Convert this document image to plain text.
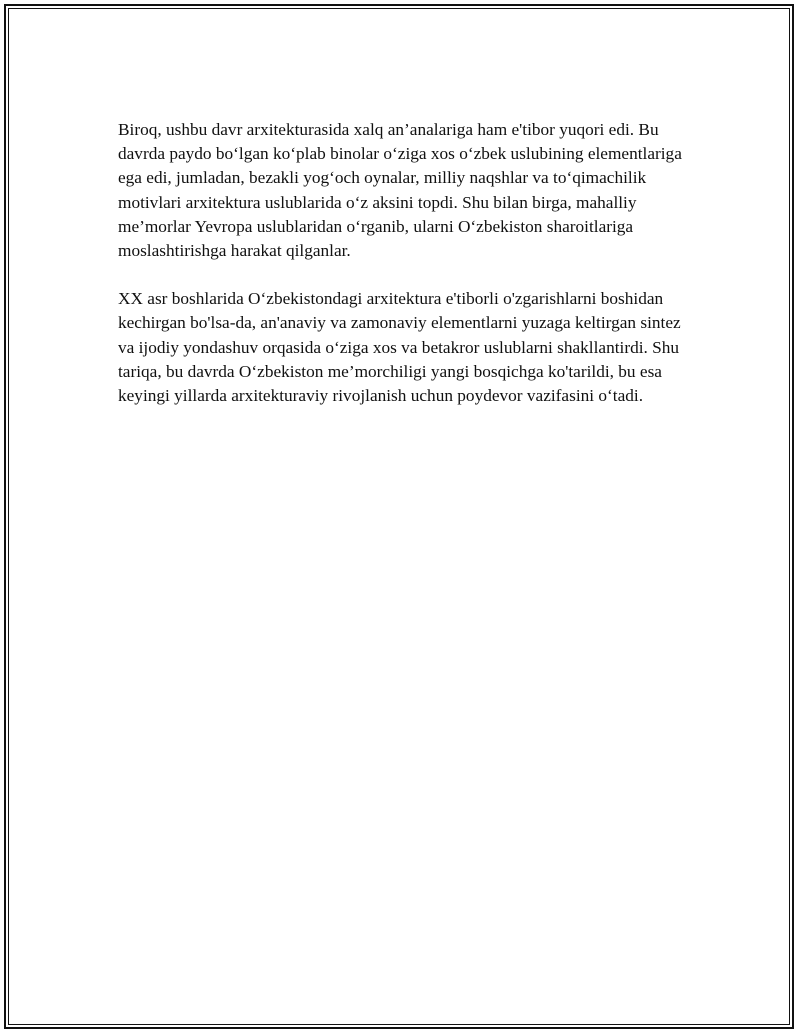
Biroq, ushbu davr arxitekturasida xalq an’analariga ham e'tibor yuqori edi. Bu davrda paydo boʻlgan koʻplab binolar oʻziga xos oʻzbek uslubining elementlariga ega edi, jumladan, bezakli yogʻoch oynalar, milliy naqshlar va toʻqimachilik motivlari arxitektura uslublarida oʻz aksini topdi. Shu bilan birga, mahalliy me’morlar Yevropa uslublaridan oʻrganib, ularni Oʻzbekiston sharoitlariga moslashtirishga harakat qilganlar.

XX asr boshlarida Oʻzbekistondagi arxitektura e'tiborli o'zgarishlarni boshidan kechirgan bo'lsa-da, an'anaviy va zamonaviy elementlarni yuzaga keltirgan sintez va ijodiy yondashuv orqasida oʻziga xos va betakror uslublarni shakllantirdi. Shu tariqa, bu davrda Oʻzbekiston me’morchiligi yangi bosqichga ko'tarildi, bu esa keyingi yillarda arxitekturaviy rivojlanish uchun poydevor vazifasini oʻtadi.
